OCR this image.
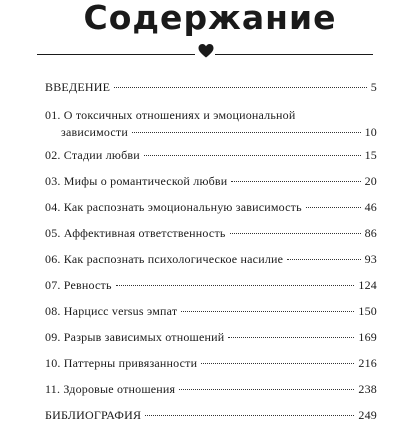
Содержание
ВВЕДЕНИЕ	5
01. О токсичных отношениях и эмоциональной
зависимости	10
02. Стадии любви	15
03. Мифы о романтической любви	20
04. Как распознать эмоциональную зависимость	46
05. Аффективная ответственность	86
06. Как распознать психологическое насилие	93
07. Ревность	124
08. Нарцисс versus эмпат	150
09. Разрыв зависимых отношений	169
10. Паттерны привязанности	216
11. Здоровые отношения	238
БИБЛИОГРАФИЯ	249
